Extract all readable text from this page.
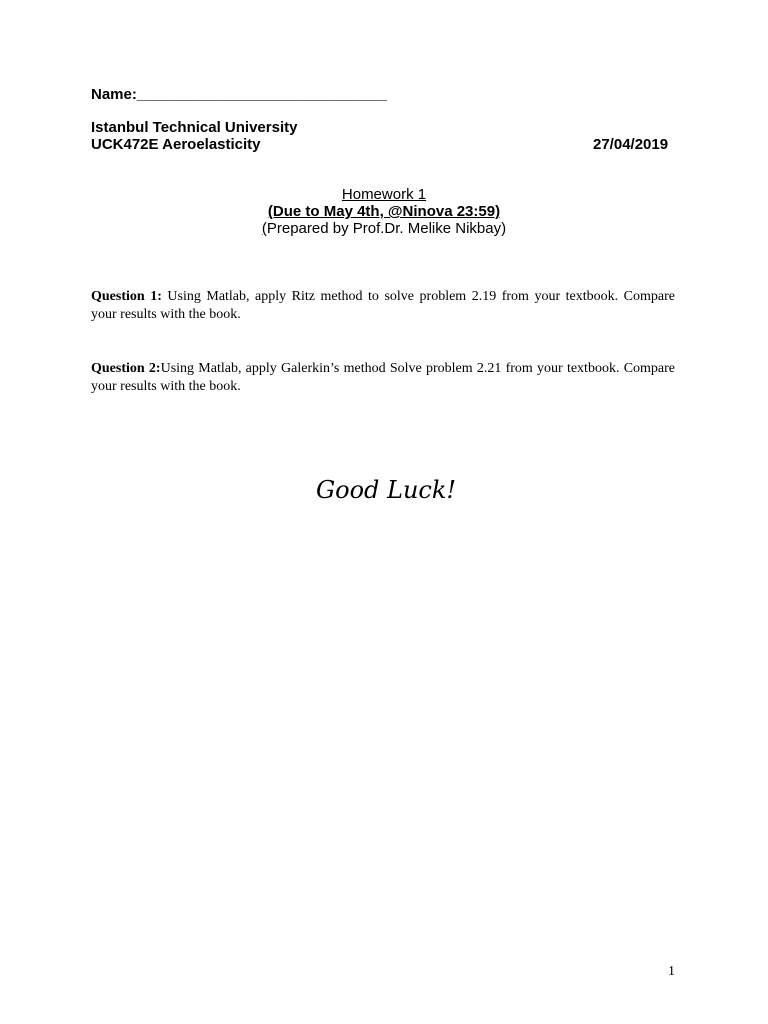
Name:______________________________
Istanbul Technical University
UCK472E Aeroelasticity	27/04/2019
Homework 1
(Due to May 4th, @Ninova 23:59)
(Prepared by Prof.Dr. Melike Nikbay)
Question 1: Using Matlab, apply Ritz method to solve problem 2.19 from your textbook. Compare your results with the book.
Question 2:Using Matlab, apply Galerkin’s method Solve problem 2.21 from your textbook. Compare your results with the book.
Good Luck!
1
